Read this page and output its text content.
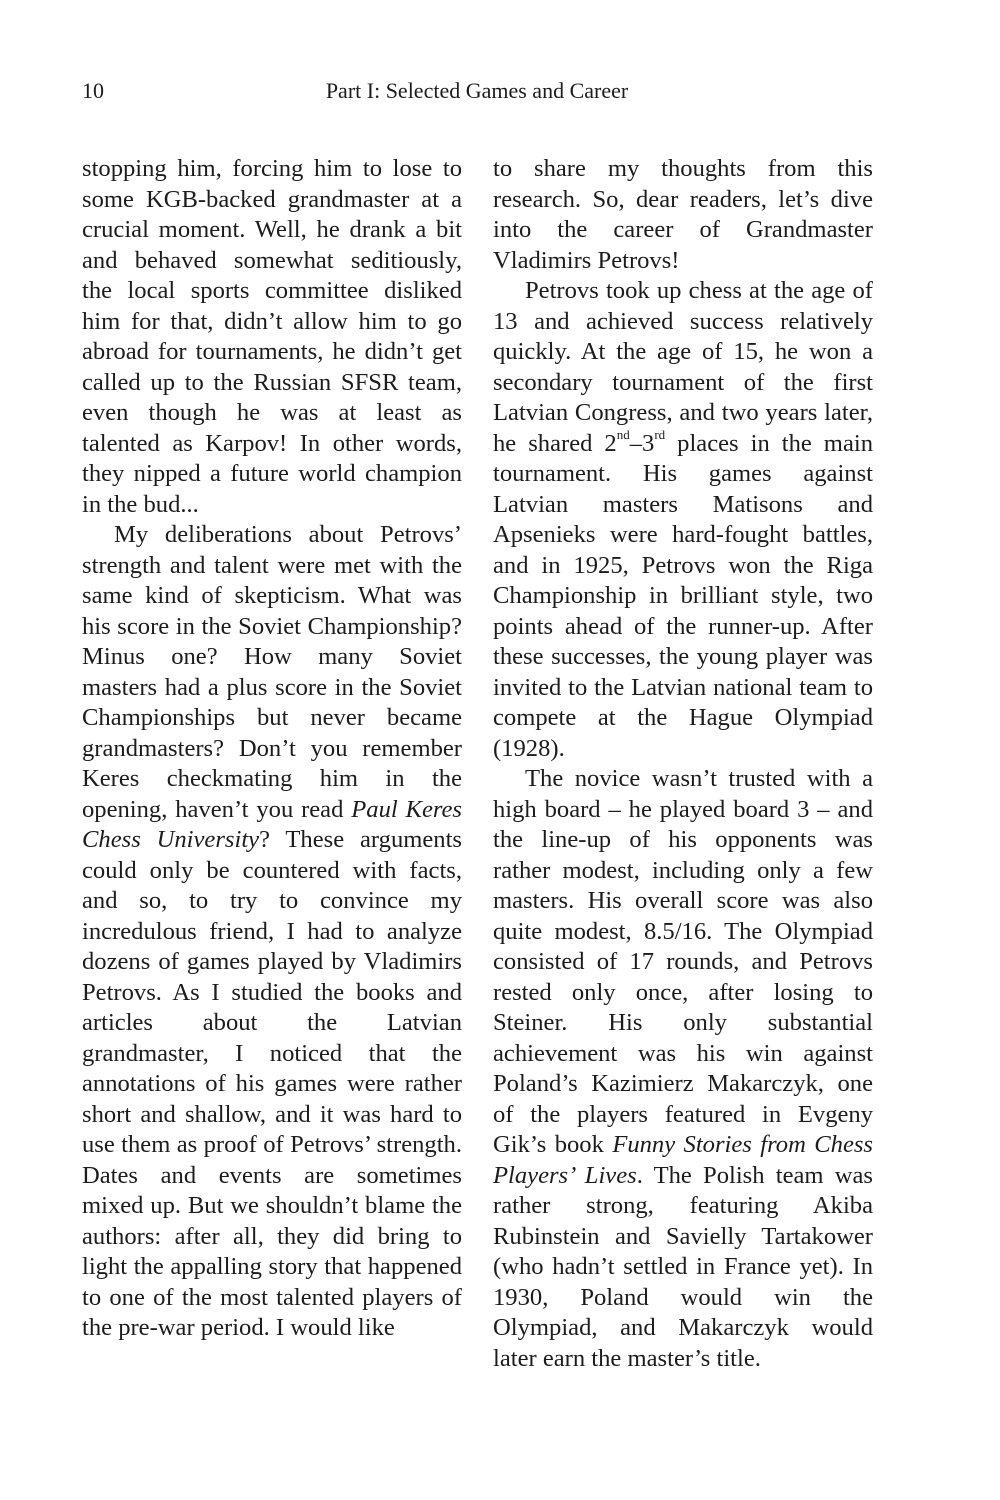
10	Part I: Selected Games and Career

stopping him, forcing him to lose to some KGB-backed grandmaster at a crucial moment. Well, he drank a bit and behaved somewhat seditiously, the local sports committee disliked him for that, didn’t allow him to go abroad for tournaments, he didn’t get called up to the Russian SFSR team, even though he was at least as talented as Karpov! In other words, they nipped a future world champion in the bud...

My deliberations about Petrovs’ strength and talent were met with the same kind of skepticism. What was his score in the Soviet Championship? Minus one? How many Soviet masters had a plus score in the Soviet Championships but never became grandmasters? Don’t you remember Keres checkmating him in the opening, haven’t you read Paul Keres Chess University? These arguments could only be countered with facts, and so, to try to convince my incredulous friend, I had to analyze dozens of games played by Vladimirs Petrovs. As I studied the books and articles about the Latvian grandmaster, I noticed that the annotations of his games were rather short and shallow, and it was hard to use them as proof of Petrovs’ strength. Dates and events are sometimes mixed up. But we shouldn’t blame the authors: after all, they did bring to light the appalling story that happened to one of the most talented players of the pre-war period. I would like

to share my thoughts from this research. So, dear readers, let’s dive into the career of Grandmaster Vladimirs Petrovs!

Petrovs took up chess at the age of 13 and achieved success relatively quickly. At the age of 15, he won a secondary tournament of the first Latvian Congress, and two years later, he shared 2nd–3rd places in the main tournament. His games against Latvian masters Matisons and Apsenieks were hard-fought battles, and in 1925, Petrovs won the Riga Championship in brilliant style, two points ahead of the runner-up. After these successes, the young player was invited to the Latvian national team to compete at the Hague Olympiad (1928).

The novice wasn’t trusted with a high board – he played board 3 – and the line-up of his opponents was rather modest, including only a few masters. His overall score was also quite modest, 8.5/16. The Olympiad consisted of 17 rounds, and Petrovs rested only once, after losing to Steiner. His only substantial achievement was his win against Poland’s Kazimierz Makarczyk, one of the players featured in Evgeny Gik’s book Funny Stories from Chess Players’ Lives. The Polish team was rather strong, featuring Akiba Rubinstein and Savielly Tartakower (who hadn’t settled in France yet). In 1930, Poland would win the Olympiad, and Makarczyk would later earn the master’s title.
